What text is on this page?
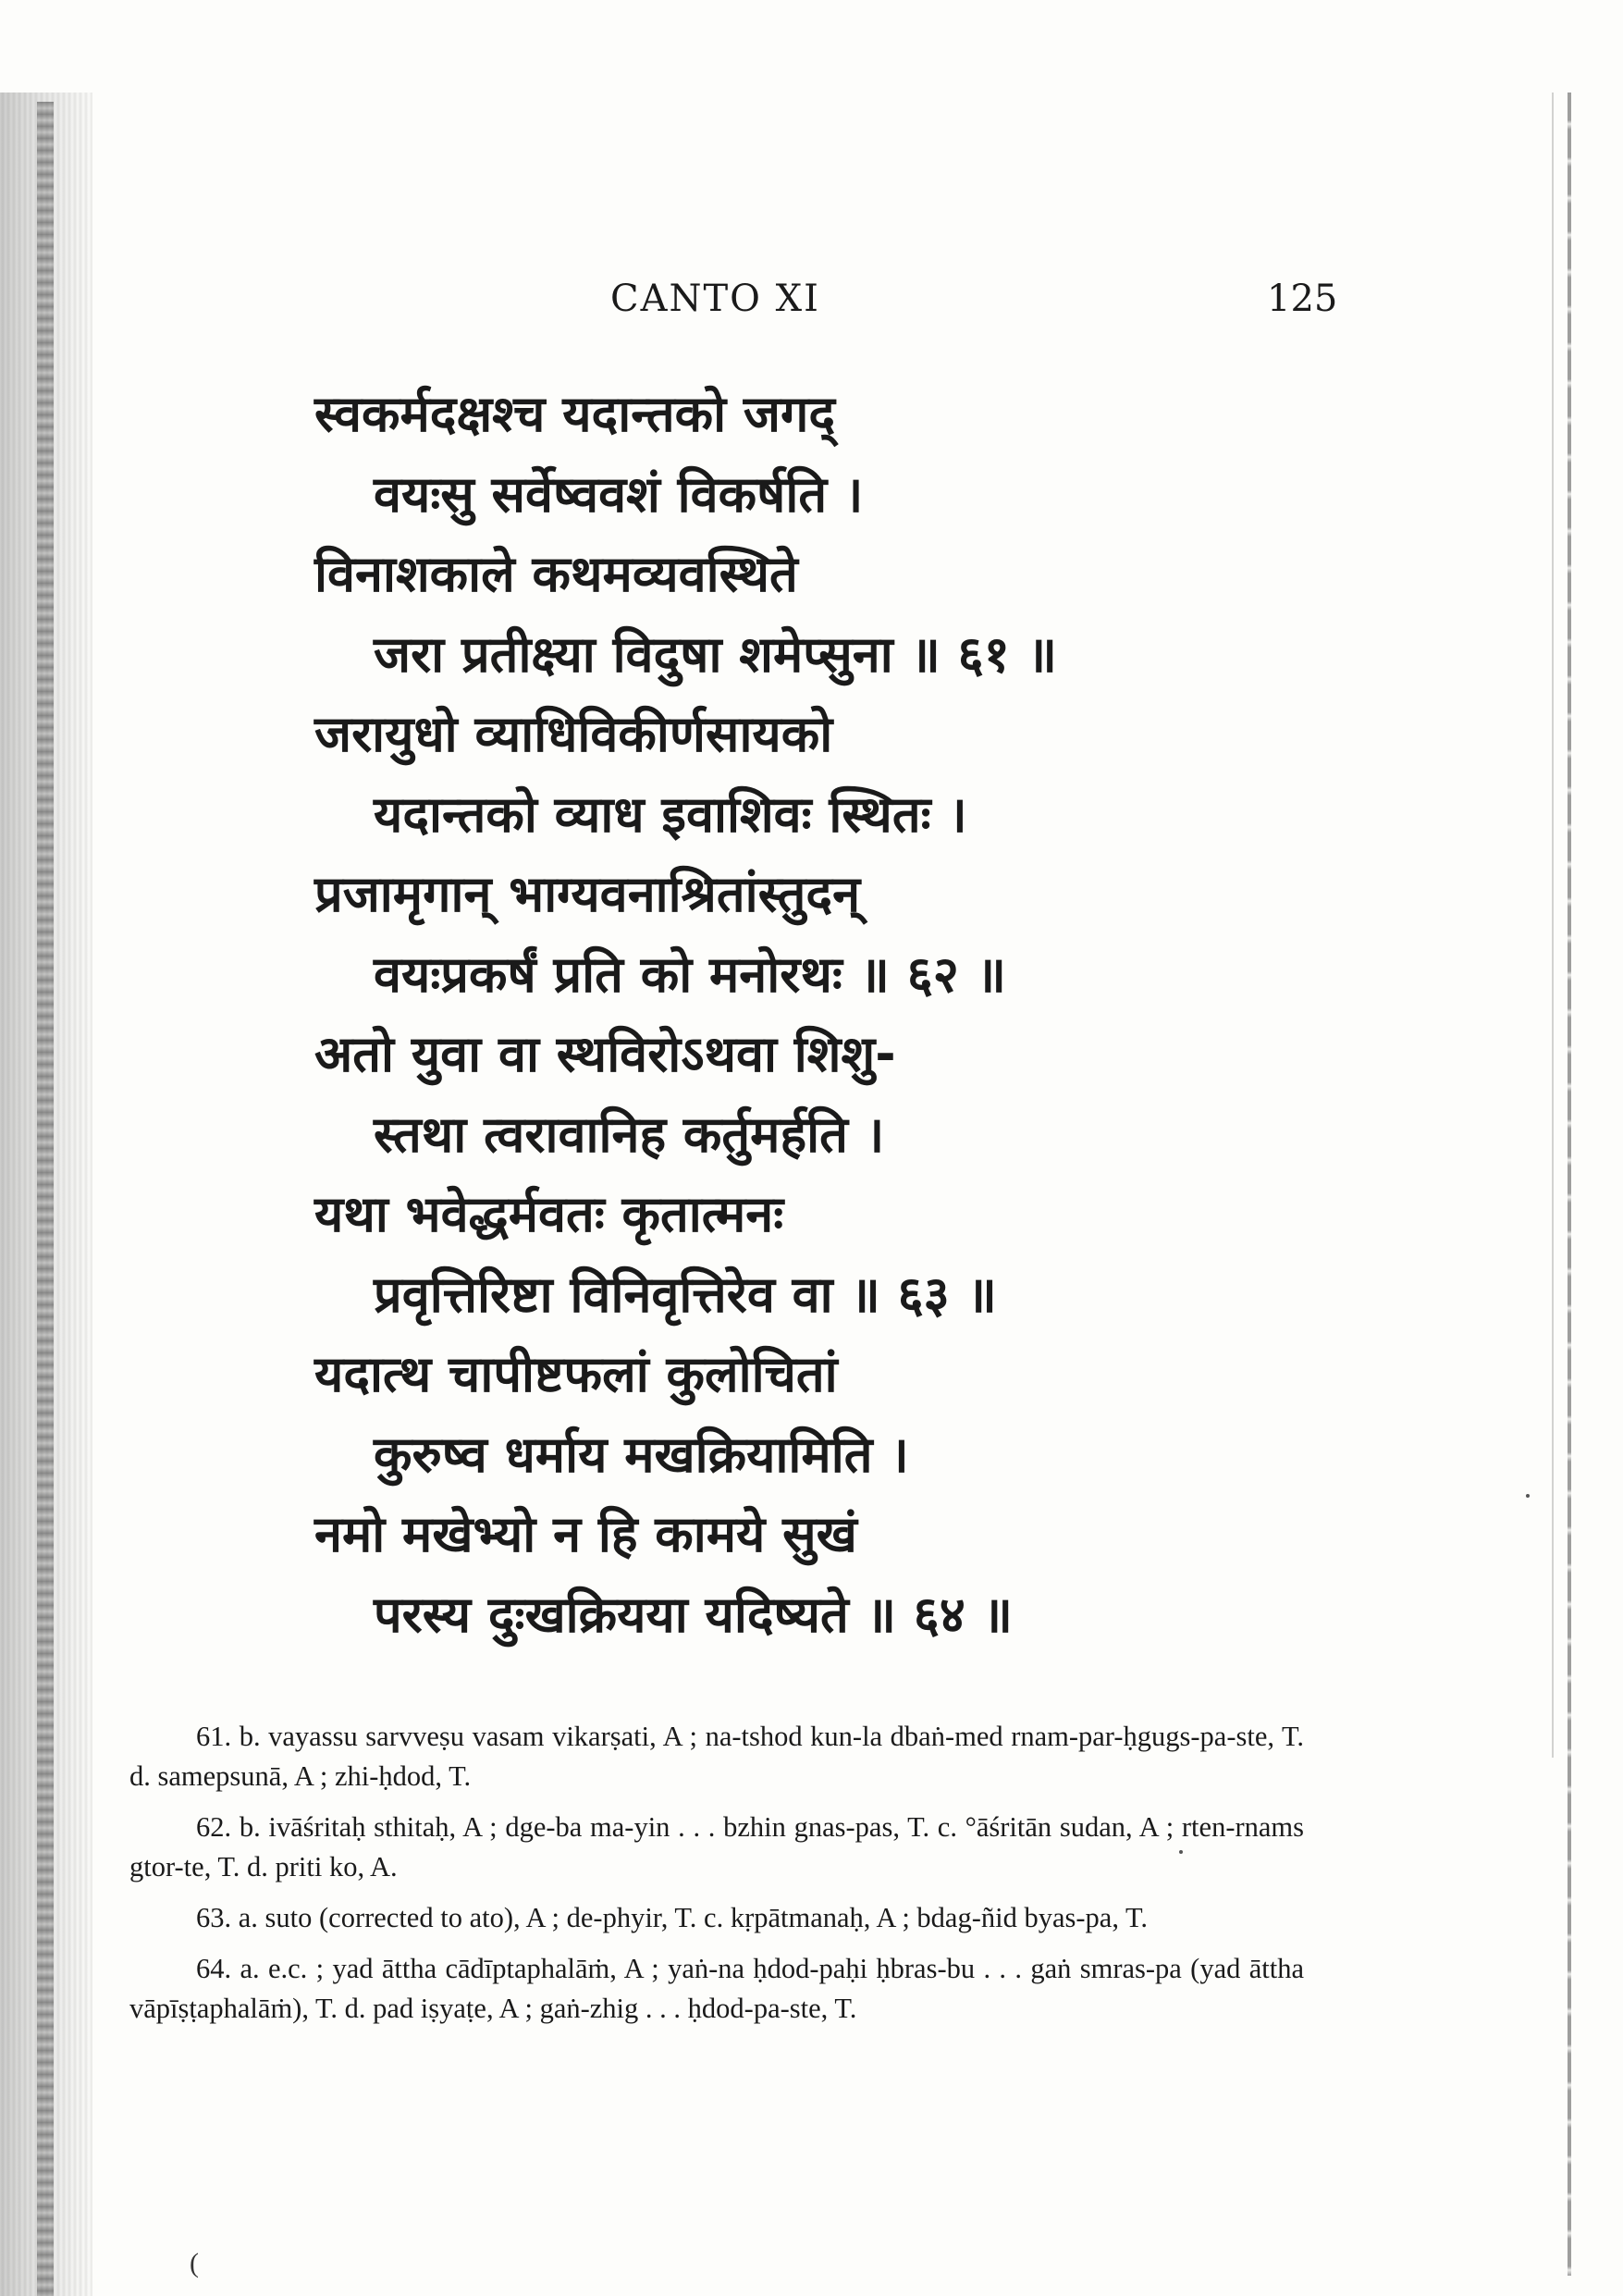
CANTO XI	125
स्वकर्मदक्षश्च यदान्तको जगद्
वयःसु सर्वेष्ववशं विकर्षति ।
विनाशकाले कथमव्यवस्थिते
जरा प्रतीक्ष्या विदुषा शमेप्सुना ॥ ६१ ॥
जरायुधो व्याधिविकीर्णसायको
यदान्तको व्याध इवाशिवः स्थितः ।
प्रजामृगान् भाग्यवनाश्रितांस्तुदन्
वयःप्रकर्षं प्रति को मनोरथः ॥ ६२ ॥
अतो युवा वा स्थविरोऽथवा शिशु-
स्तथा त्वरावानिह कर्तुमर्हति ।
यथा भवेद्धर्मवतः कृतात्मनः
प्रवृत्तिरिष्टा विनिवृत्तिरेव वा ॥ ६३ ॥
यदात्थ चापीष्टफलां कुलोचितां
कुरुष्व धर्माय मखक्रियामिति ।
नमो मखेभ्यो न हि कामये सुखं
परस्य दुःखक्रियया यदिष्यते ॥ ६४ ॥

61. b. vayassu sarvveṣu vasam vikarṣati, A ; na-tshod kun-la dbaṅ-med rnam-par-ḥgugs-pa-ste, T. d. samepsunā, A ; zhi-ḥdod, T.

62. b. ivāśritaḥ sthitaḥ, A ; dge-ba ma-yin . . . bzhin gnas-pas, T. c. °āśritān sudan, A ; rten-rnams gtor-te, T. d. priti ko, A.

63. a. suto (corrected to ato), A ; de-phyir, T. c. kṛpātmanaḥ, A ; bdag-ñid byas-pa, T.

64. a. e.c. ; yad āttha cādīptaphalāṁ, A ; yaṅ-na ḥdod-paḥi ḥbras-bu . . . gaṅ smras-pa (yad āttha vāpīṣṭaphalāṁ), T. d. pad iṣyaṭe, A ; gaṅ-zhig . . . ḥdod-pa-ste, T.

(
